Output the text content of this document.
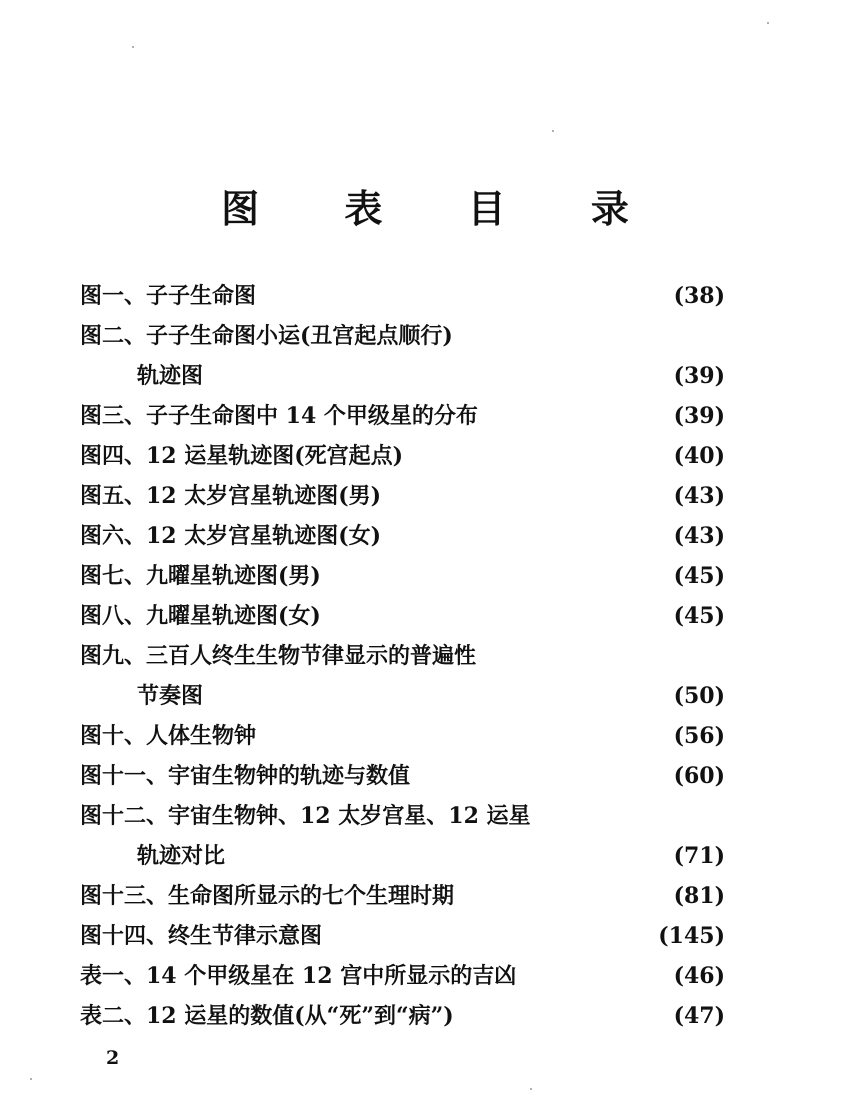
图 表 目 录
图一、子子生命图	(38)
图二、子子生命图小运(丑宫起点顺行)
轨迹图	(39)
图三、子子生命图中 14 个甲级星的分布	(39)
图四、12 运星轨迹图(死宫起点)	(40)
图五、12 太岁宫星轨迹图(男)	(43)
图六、12 太岁宫星轨迹图(女)	(43)
图七、九曜星轨迹图(男)	(45)
图八、九曜星轨迹图(女)	(45)
图九、三百人终生生物节律显示的普遍性
节奏图	(50)
图十、人体生物钟	(56)
图十一、宇宙生物钟的轨迹与数值	(60)
图十二、宇宙生物钟、12 太岁宫星、12 运星
轨迹对比	(71)
图十三、生命图所显示的七个生理时期	(81)
图十四、终生节律示意图	(145)
表一、14 个甲级星在 12 宫中所显示的吉凶	(46)
表二、12 运星的数值(从“死”到“病”)	(47)
2
